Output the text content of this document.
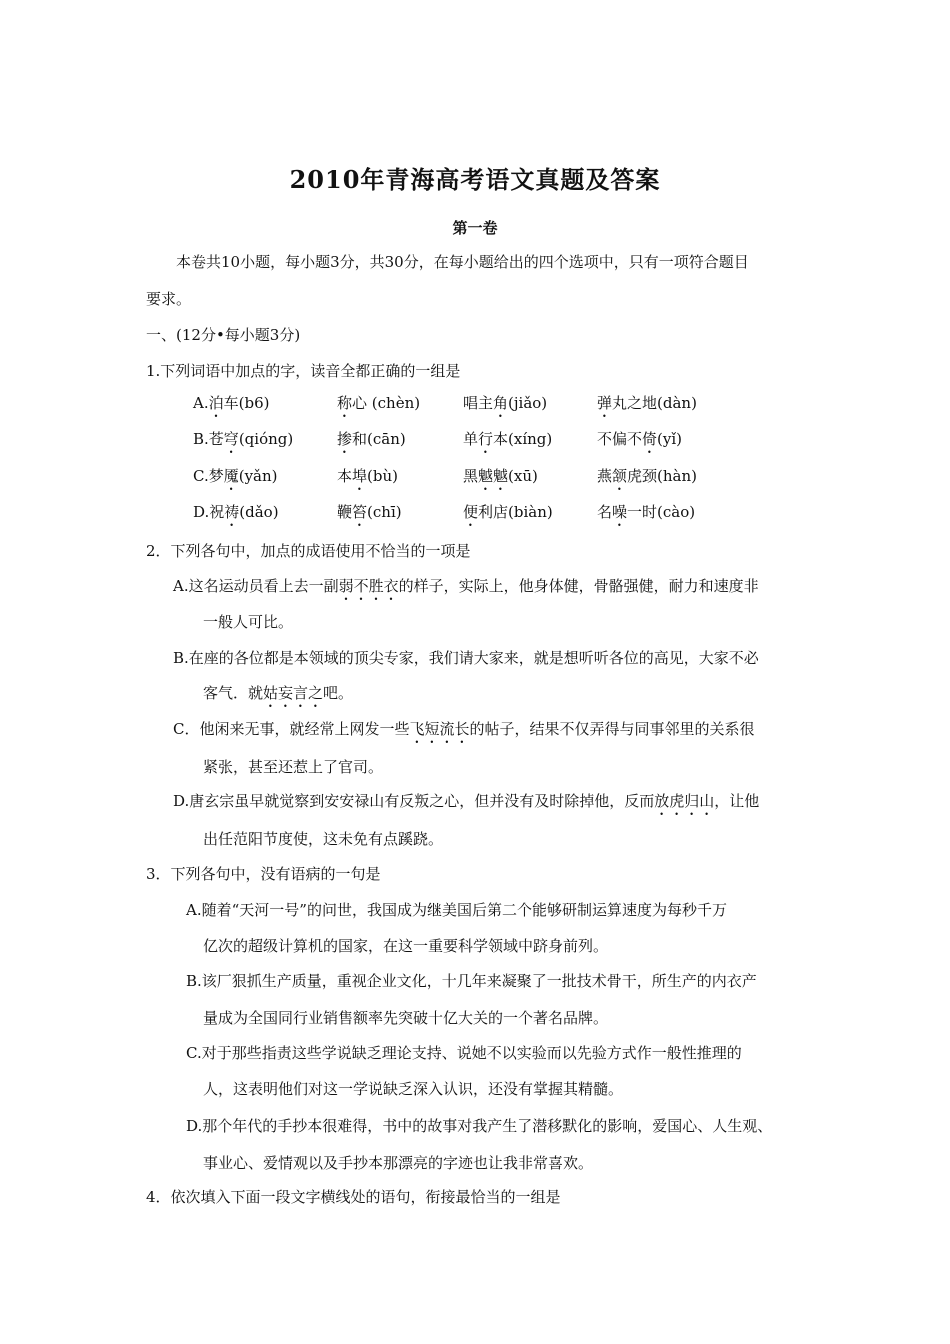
2010年青海高考语文真题及答案
第一卷
本卷共10小题，每小题3分，共30分，在每小题给出的四个选项中，只有一项符合题目
要求。
一、(12分•每小题3分)
1.下列词语中加点的字，读音全都正确的一组是
A.泊车(b6)	称心 (chèn)	唱主角(jiǎo)	弹丸之地(dàn)
B.苍穹(qióng)	掺和(cān)	单行本(xíng)	不偏不倚(yǐ)
C.梦魇(yǎn)	本埠(bù)	黑魆魆(xū)	燕颔虎颈(hàn)
D.祝祷(dǎo)	鞭笞(chī)	便利店(biàn)	名噪一时(cào)
2．下列各句中，加点的成语使用不恰当的一项是
A.这名运动员看上去一副弱不胜衣的样子，实际上，他身体健，骨骼强健，耐力和速度非
一般人可比。
B.在座的各位都是本领域的顶尖专家，我们请大家来，就是想听听各位的高见，大家不必
客气．就姑妄言之吧。
C．他闲来无事，就经常上网发一些飞短流长的帖子，结果不仅弄得与同事邻里的关系很
紧张，甚至还惹上了官司。
D.唐玄宗虽早就觉察到安安禄山有反叛之心，但并没有及时除掉他，反而放虎归山，让他
出任范阳节度使，这未免有点蹊跷。
3．下列各句中，没有语病的一句是
A.随着“天河一号”的问世，我国成为继美国后第二个能够研制运算速度为每秒千万
亿次的超级计算机的国家，在这一重要科学领域中跻身前列。
B.该厂狠抓生产质量，重视企业文化，十几年来凝聚了一批技术骨干，所生产的内衣产
量成为全国同行业销售额率先突破十亿大关的一个著名品牌。
C.对于那些指责这些学说缺乏理论支持、说她不以实验而以先验方式作一般性推理的
人，这表明他们对这一学说缺乏深入认识，还没有掌握其精髓。
D.那个年代的手抄本很难得，书中的故事对我产生了潜移默化的影响，爱国心、人生观、
事业心、爱情观以及手抄本那漂亮的字迹也让我非常喜欢。
4．依次填入下面一段文字横线处的语句，衔接最恰当的一组是
